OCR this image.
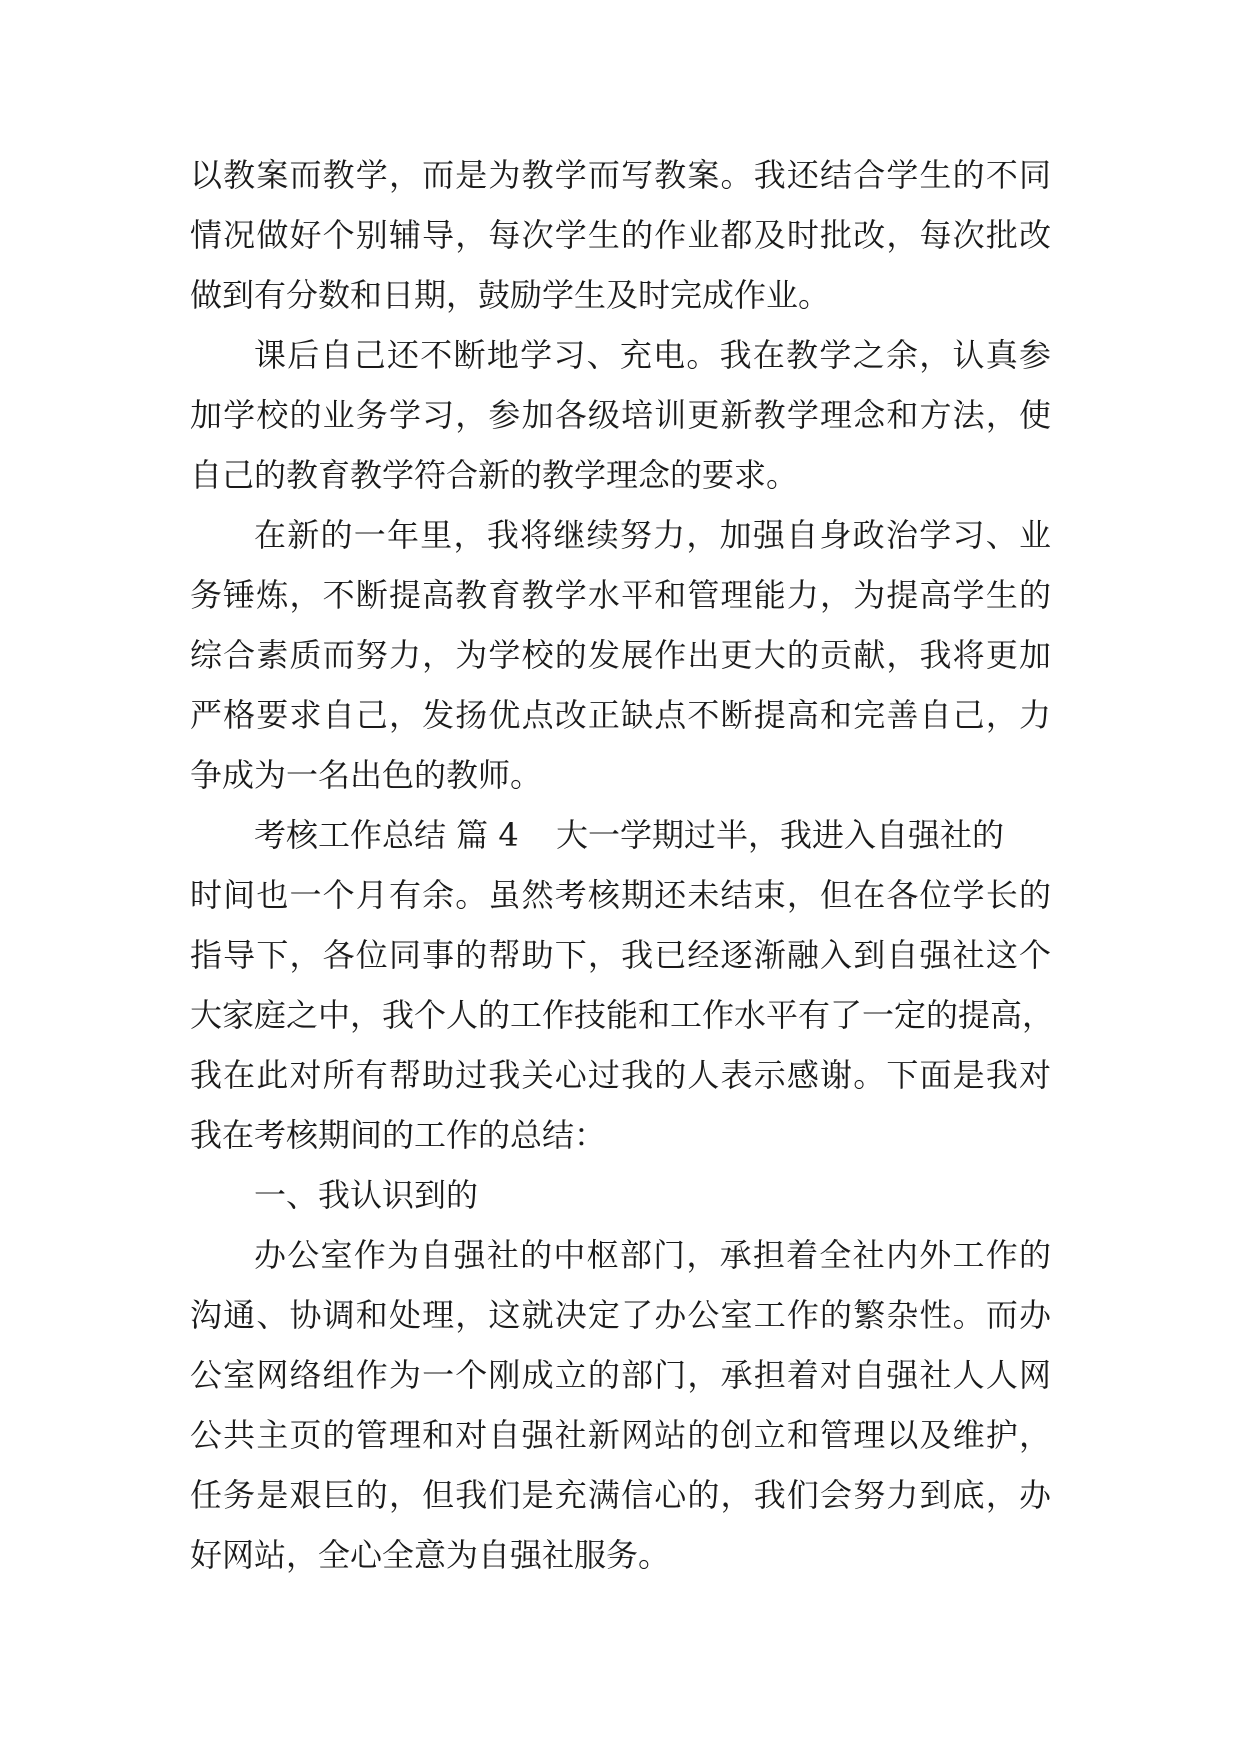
以教案而教学，而是为教学而写教案。我还结合学生的不同
情况做好个别辅导，每次学生的作业都及时批改，每次批改
做到有分数和日期，鼓励学生及时完成作业。
课后自己还不断地学习、充电。我在教学之余，认真参
加学校的业务学习，参加各级培训更新教学理念和方法，使
自己的教育教学符合新的教学理念的要求。
在新的一年里，我将继续努力，加强自身政治学习、业
务锤炼，不断提高教育教学水平和管理能力，为提高学生的
综合素质而努力，为学校的发展作出更大的贡献，我将更加
严格要求自己，发扬优点改正缺点不断提高和完善自己，力
争成为一名出色的教师。
考核工作总结 篇 4 大一学期过半，我进入自强社的
时间也一个月有余。虽然考核期还未结束，但在各位学长的
指导下，各位同事的帮助下，我已经逐渐融入到自强社这个
大家庭之中，我个人的工作技能和工作水平有了一定的提高，
我在此对所有帮助过我关心过我的人表示感谢。下面是我对
我在考核期间的工作的总结：
一、我认识到的
办公室作为自强社的中枢部门，承担着全社内外工作的
沟通、协调和处理，这就决定了办公室工作的繁杂性。而办
公室网络组作为一个刚成立的部门，承担着对自强社人人网
公共主页的管理和对自强社新网站的创立和管理以及维护，
任务是艰巨的，但我们是充满信心的，我们会努力到底，办
好网站，全心全意为自强社服务。
